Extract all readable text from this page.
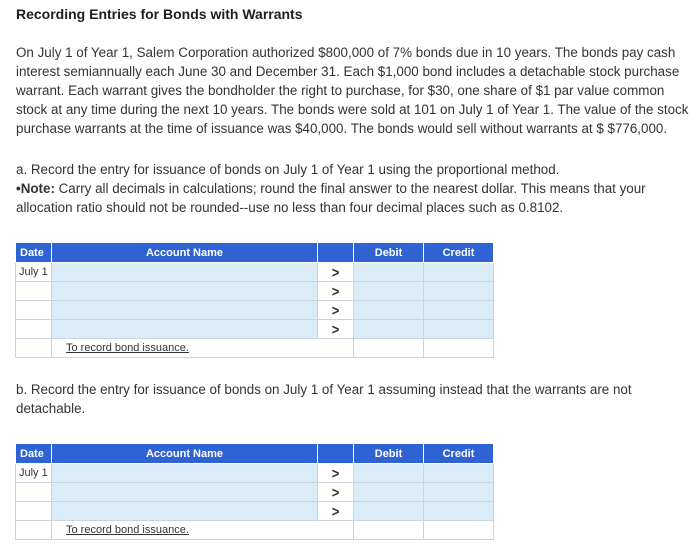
Recording Entries for Bonds with Warrants
On July 1 of Year 1, Salem Corporation authorized $800,000 of 7% bonds due in 10 years. The bonds pay cash interest semiannually each June 30 and December 31. Each $1,000 bond includes a detachable stock purchase warrant. Each warrant gives the bondholder the right to purchase, for $30, one share of $1 par value common stock at any time during the next 10 years. The bonds were sold at 101 on July 1 of Year 1. The value of the stock purchase warrants at the time of issuance was $40,000. The bonds would sell without warrants at $ $776,000.
a. Record the entry for issuance of bonds on July 1 of Year 1 using the proportional method.
•Note: Carry all decimals in calculations; round the final answer to the nearest dollar. This means that your allocation ratio should not be rounded--use no less than four decimal places such as 0.8102.
Date	Account Name		Debit	Credit
July 1		>		
		>		
		>		
		>		
	To record bond issuance.			
b. Record the entry for issuance of bonds on July 1 of Year 1 assuming instead that the warrants are not detachable.
Date	Account Name		Debit	Credit
July 1		>		
		>		
		>		
	To record bond issuance.			
